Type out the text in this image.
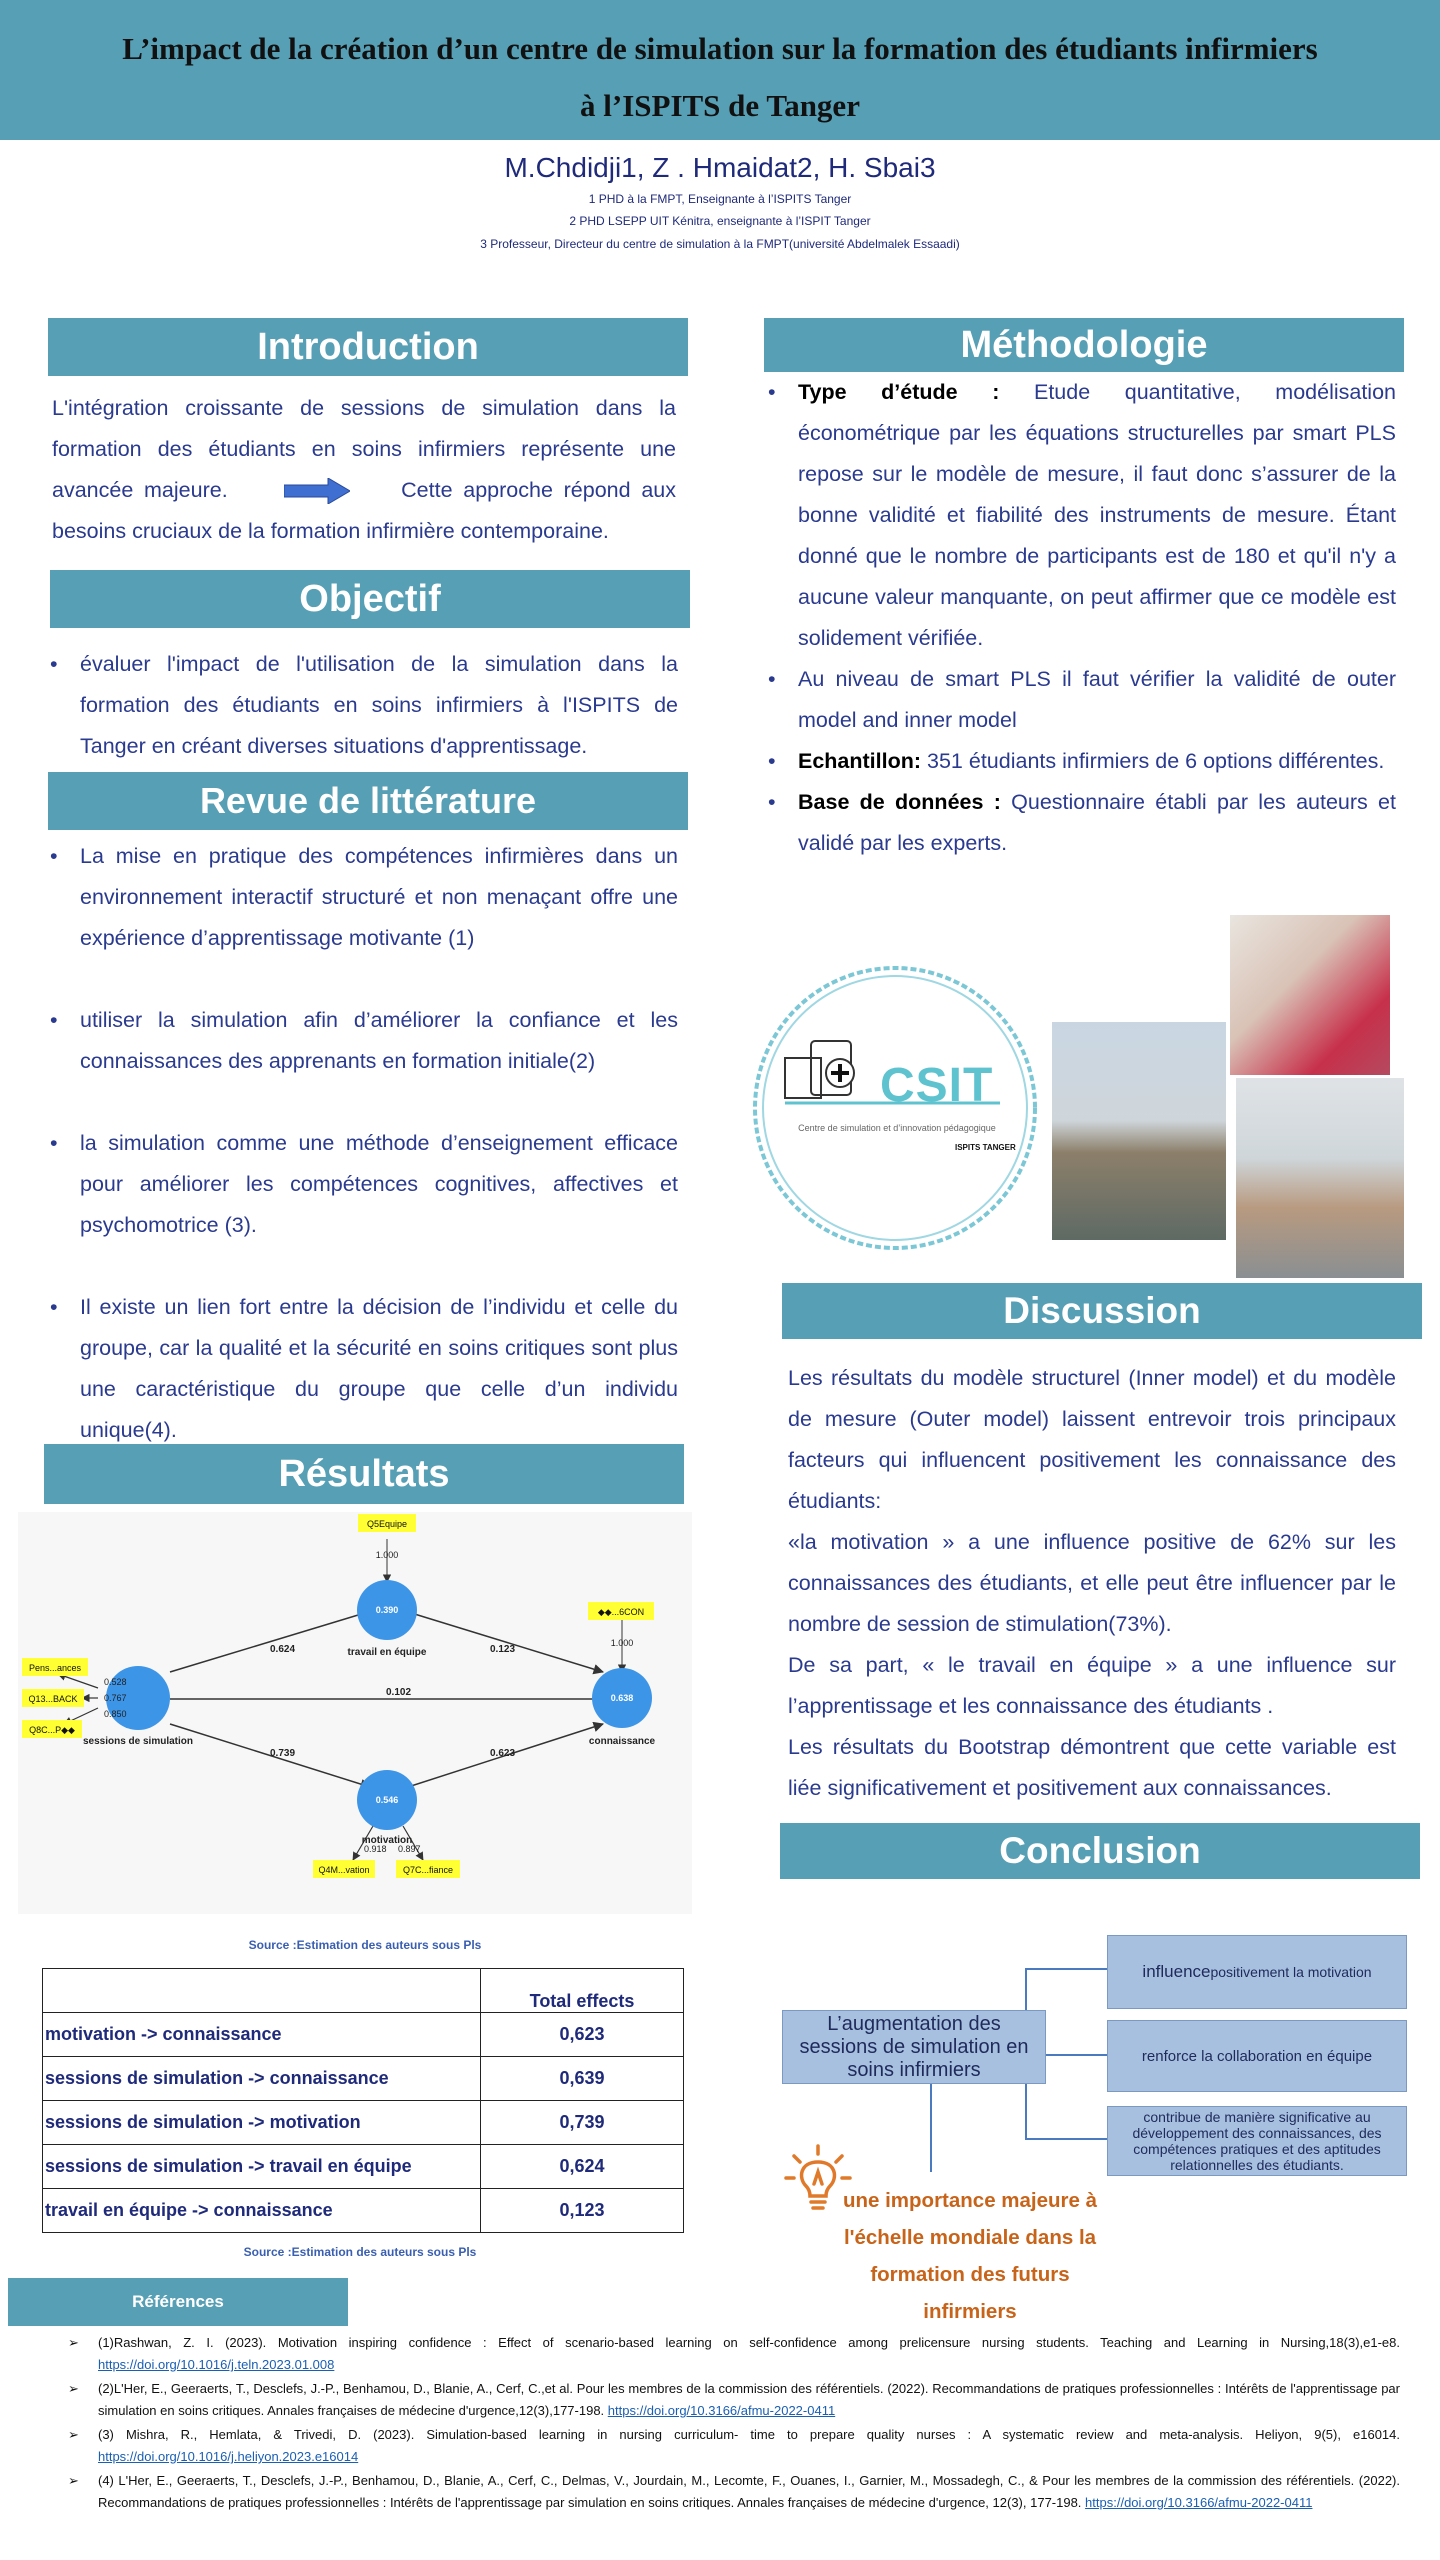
L’impact de la création d’un centre de simulation sur la formation des étudiants infirmiers à l’ISPITS de Tanger
M.Chdidji1, Z . Hmaidat2, H. Sbai3
1 PHD à la FMPT, Enseignante à l’ISPITS Tanger
2 PHD LSEPP UIT Kénitra, enseignante à l’ISPIT Tanger
3 Professeur, Directeur du centre de simulation à la FMPT(université Abdelmalek Essaadi)
Introduction
L'intégration croissante de sessions de simulation dans la formation des étudiants en soins infirmiers représente une avancée majeure.	Cette approche répond aux besoins cruciaux de la formation infirmière contemporaine.
Objectif
• évaluer l'impact de l'utilisation de la simulation dans la formation des étudiants en soins infirmiers à l'ISPITS de Tanger en créant diverses situations d'apprentissage.
Revue de littérature
• La mise en pratique des compétences infirmières dans un environnement interactif structuré et non menaçant offre une expérience d’apprentissage motivante (1)
• utiliser la simulation afin d’améliorer la confiance et les connaissances des apprenants en formation initiale(2)
• la simulation comme une méthode d’enseignement efficace pour améliorer les compétences cognitives, affectives et psychomotrice (3).
• Il existe un lien fort entre la décision de l’individu et celle du groupe, car la qualité et la sécurité en soins critiques sont plus une caractéristique du groupe que celle d’un individu unique(4).
Méthodologie
• Type d’étude : Etude quantitative, modélisation économétrique par les équations structurelles par smart PLS repose sur le modèle de mesure, il faut donc s’assurer de la bonne validité et fiabilité des instruments de mesure. Étant donné que le nombre de participants est de 180 et qu'il n'y a aucune valeur manquante, on peut affirmer que ce modèle est solidement vérifiée.
• Au niveau de smart PLS il faut vérifier la validité de outer model and inner model
• Echantillon: 351 étudiants infirmiers de 6 options différentes.
• Base de données : Questionnaire établi par les auteurs et validé par les experts.
CSIT
Centre de simulation et d’innovation pédagogique
ISPITS TANGER
Discussion

Les résultats du modèle structurel (Inner model) et du modèle de mesure (Outer model) laissent entrevoir trois principaux facteurs qui influencent positivement les connaissance des étudiants:

«la motivation » a une influence positive de 62% sur les connaissances des étudiants, et elle peut être influencer par le nombre de session de stimulation(73%).

De sa part, « le travail en équipe » a une influence sur l’apprentissage et les connaissance des étudiants .

Les résultats du Bootstrap démontrent que cette variable est liée significativement et positivement aux connaissances.

Résultats
Q5Equipe
◆◆...6CON
Pens...ances
Q13...BACK
Q8C...P◆◆
Q4M...vation	Q7C...fiance
1.000
1.000
0.528
0.767
0.850
0.918 0.897
0.390
0.546
0.638
travail en équipe
sessions de simulation
motivation
connaissance
0.624	0.123
0.102
0.739	0.623
Source :Estimation des auteurs sous Pls
	Total effects
motivation -> connaissance	0,623
sessions de simulation -> connaissance	0,639
sessions de simulation -> motivation	0,739
sessions de simulation -> travail en équipe	0,624
travail en équipe -> connaissance	0,123
Source :Estimation des auteurs sous Pls
Conclusion
L’augmentation des sessions de simulation en soins infirmiers
influence positivement la motivation
renforce la collaboration en équipe
contribue de manière significative au développement des connaissances, des compétences pratiques et des aptitudes relationnelles des étudiants.
une importance majeure à l'échelle mondiale dans la formation des futurs infirmiers
Références
➢ (1)Rashwan, Z. I. (2023). Motivation inspiring confidence : Effect of scenario-based learning on self-confidence among prelicensure nursing students. Teaching and Learning in Nursing,18(3),e1-e8. https://doi.org/10.1016/j.teln.2023.01.008
➢ (2)L'Her, E., Geeraerts, T., Desclefs, J.-P., Benhamou, D., Blanie, A., Cerf, C.,et al. Pour les membres de la commission des référentiels. (2022). Recommandations de pratiques professionnelles : Intérêts de l'apprentissage par simulation en soins critiques. Annales françaises de médecine d'urgence,12(3),177-198. https://doi.org/10.3166/afmu-2022-0411
➢ (3) Mishra, R., Hemlata, & Trivedi, D. (2023). Simulation-based learning in nursing curriculum- time to prepare quality nurses : A systematic review and meta-analysis. Heliyon, 9(5), e16014. https://doi.org/10.1016/j.heliyon.2023.e16014
➢ (4) L'Her, E., Geeraerts, T., Desclefs, J.-P., Benhamou, D., Blanie, A., Cerf, C., Delmas, V., Jourdain, M., Lecomte, F., Ouanes, I., Garnier, M., Mossadegh, C., & Pour les membres de la commission des référentiels. (2022). Recommandations de pratiques professionnelles : Intérêts de l'apprentissage par simulation en soins critiques. Annales françaises de médecine d'urgence, 12(3), 177-198. https://doi.org/10.3166/afmu-2022-0411
